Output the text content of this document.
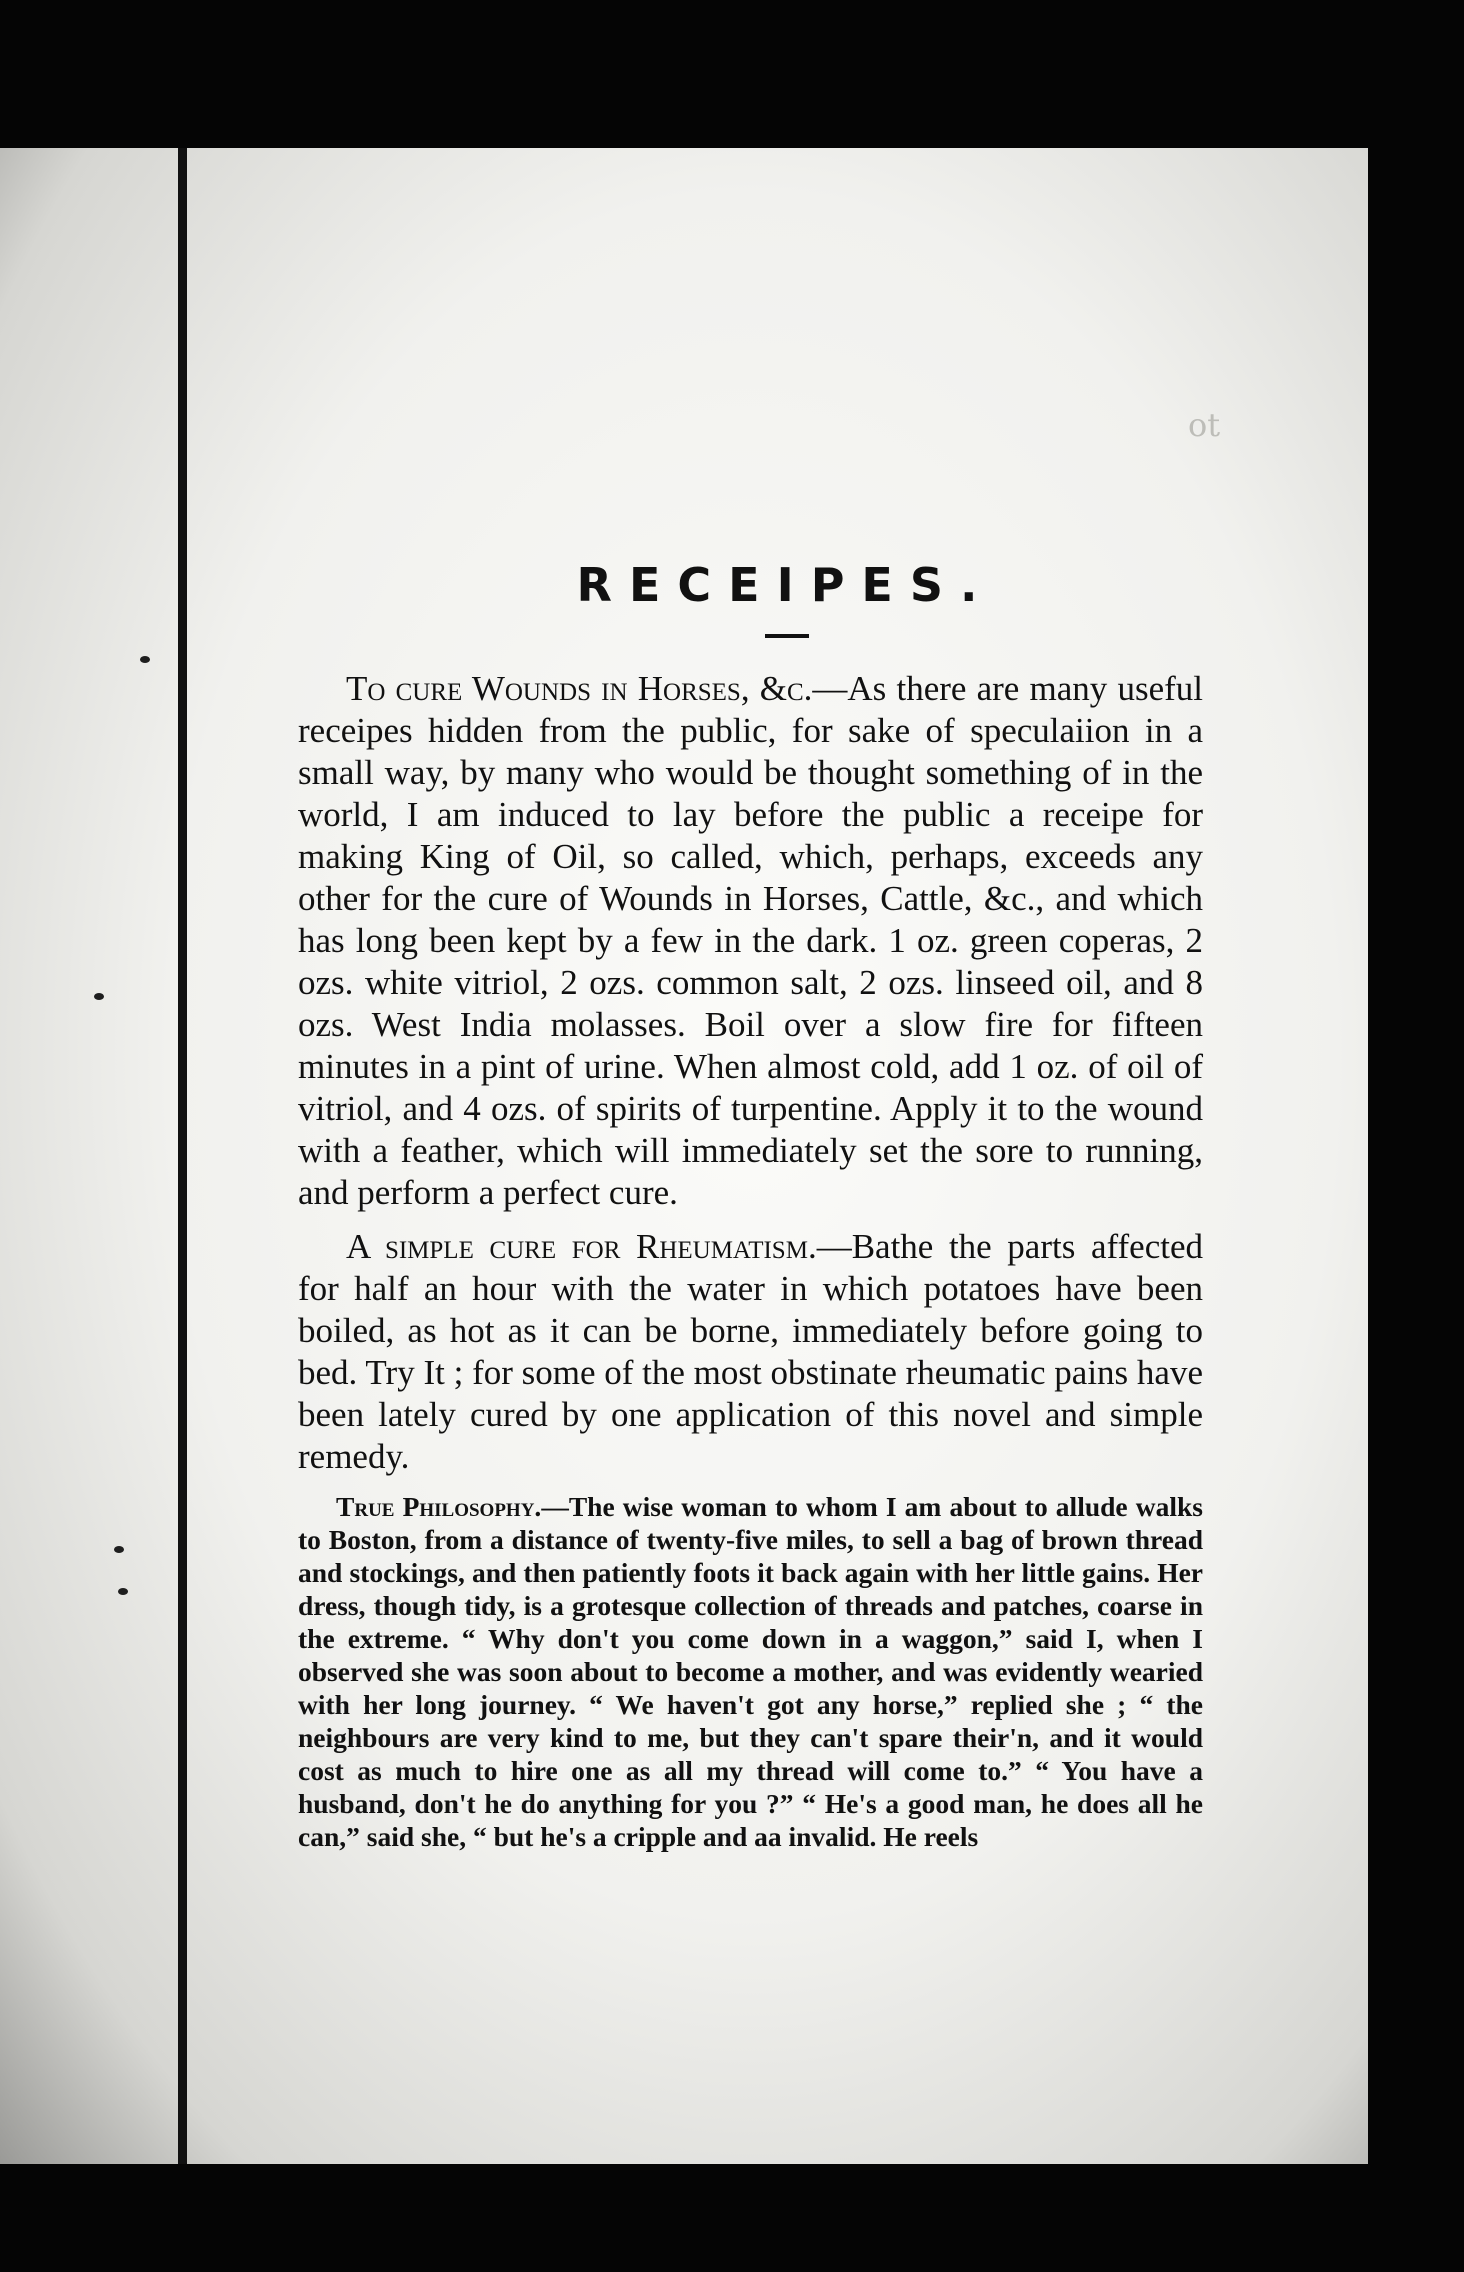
ot
RECEIPES.

To cure Wounds in Horses, &c.—As there are many useful receipes hidden from the public, for sake of speculaiion in a small way, by many who would be thought something of in the world, I am induced to lay before the public a receipe for making King of Oil, so called, which, perhaps, exceeds any other for the cure of Wounds in Horses, Cattle, &c., and which has long been kept by a few in the dark. 1 oz. green coperas, 2 ozs. white vitriol, 2 ozs. common salt, 2 ozs. linseed oil, and 8 ozs. West India molasses. Boil over a slow fire for fifteen minutes in a pint of urine. When almost cold, add 1 oz. of oil of vitriol, and 4 ozs. of spirits of turpentine. Apply it to the wound with a feather, which will immediately set the sore to running, and perform a perfect cure.

A simple cure for Rheumatism.—Bathe the parts affected for half an hour with the water in which potatoes have been boiled, as hot as it can be borne, immediately before going to bed. Try It ; for some of the most obstinate rheumatic pains have been lately cured by one application of this novel and simple remedy.

True Philosophy.—The wise woman to whom I am about to allude walks to Boston, from a distance of twenty-five miles, to sell a bag of brown thread and stockings, and then patiently foots it back again with her little gains. Her dress, though tidy, is a grotesque collection of threads and patches, coarse in the extreme. “ Why don't you come down in a waggon,” said I, when I observed she was soon about to become a mother, and was evidently wearied with her long journey. “ We haven't got any horse,” replied she ; “ the neighbours are very kind to me, but they can't spare their'n, and it would cost as much to hire one as all my thread will come to.” “ You have a husband, don't he do anything for you ?” “ He's a good man, he does all he can,” said she, “ but he's a cripple and aa invalid. He reels
